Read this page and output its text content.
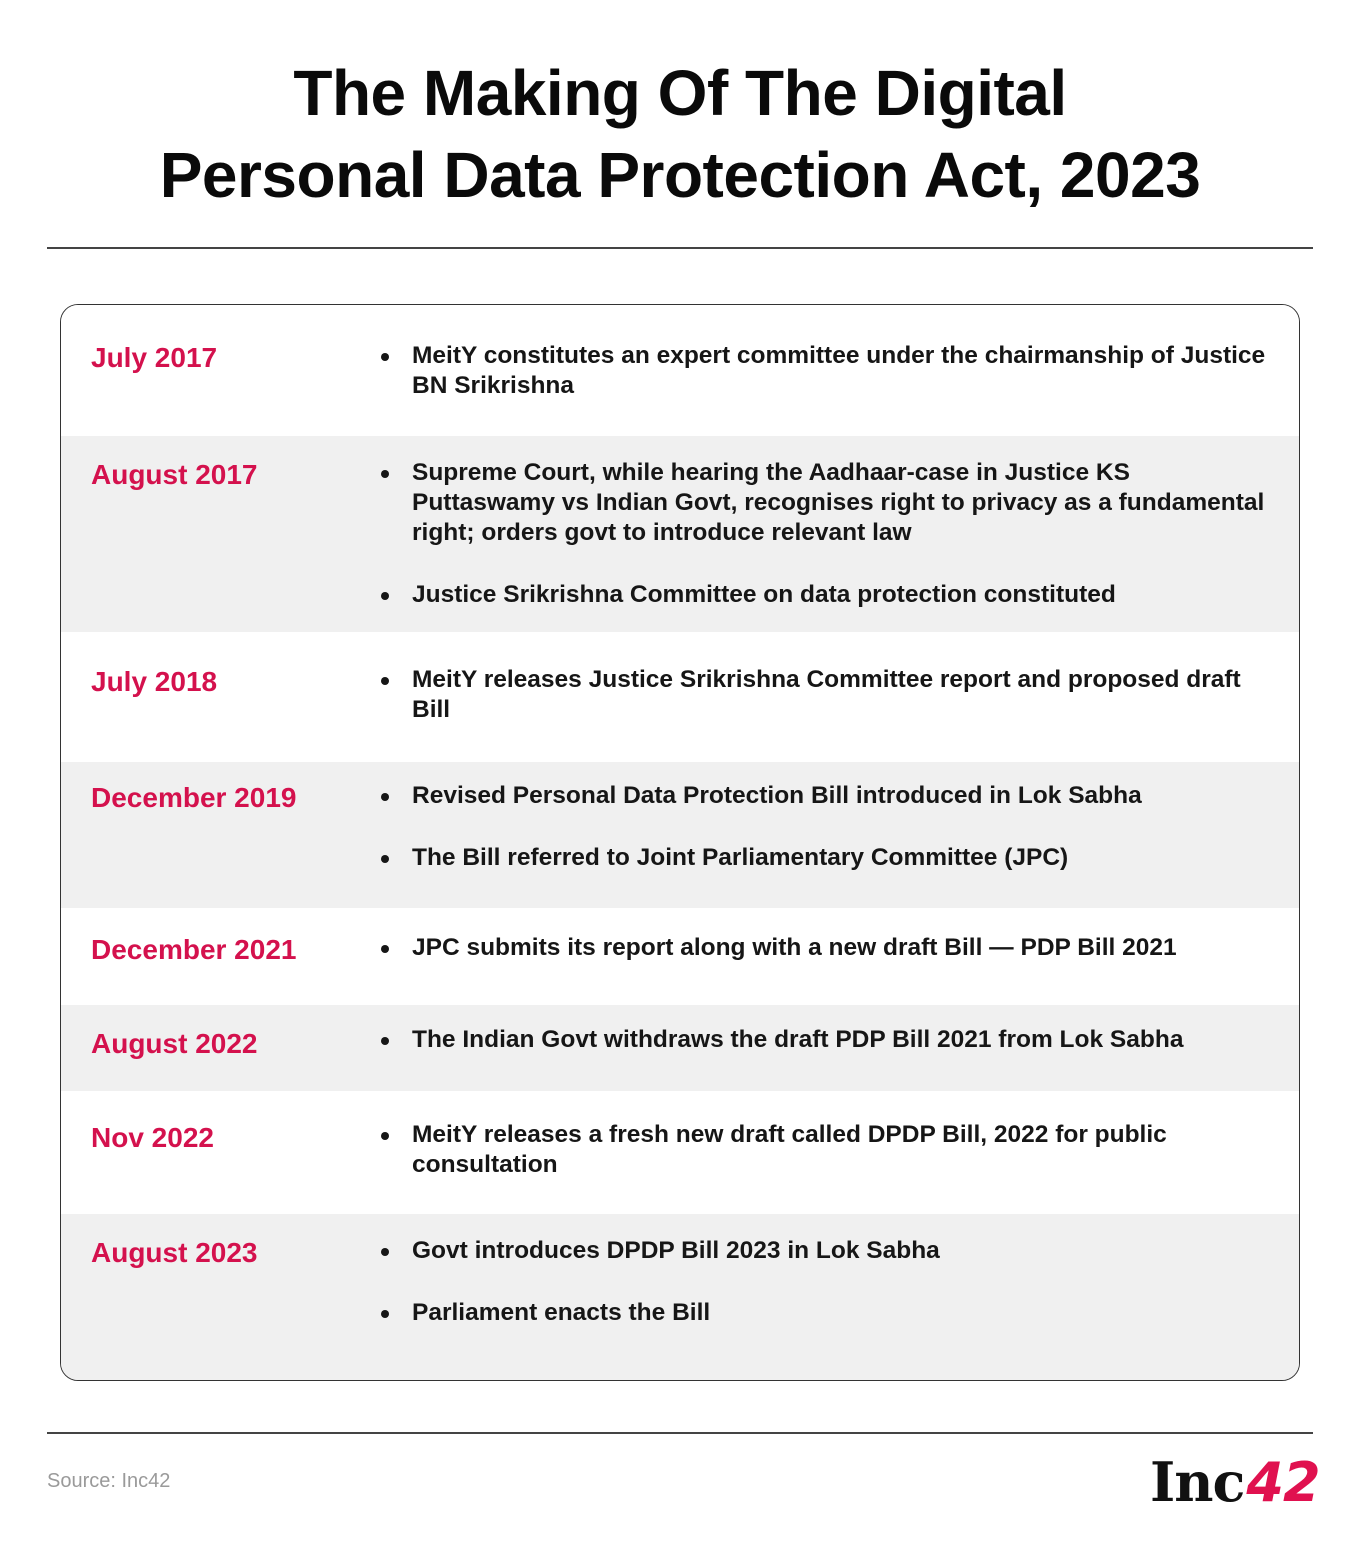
The Making Of The Digital
Personal Data Protection Act, 2023
July 2017	MeitY constitutes an expert committee under the chairmanship of Justice BN Srikrishna
August 2017	Supreme Court, while hearing the Aadhaar-case in Justice KS Puttaswamy vs Indian Govt, recognises right to privacy as a fundamental right; orders govt to introduce relevant law
Justice Srikrishna Committee on data protection constituted
July 2018	MeitY releases Justice Srikrishna Committee report and proposed draft Bill
December 2019	Revised Personal Data Protection Bill introduced in Lok Sabha
The Bill referred to Joint Parliamentary Committee (JPC)
December 2021	JPC submits its report along with a new draft Bill — PDP Bill 2021
August 2022	The Indian Govt withdraws the draft PDP Bill 2021 from Lok Sabha
Nov 2022	MeitY releases a fresh new draft called DPDP Bill, 2022 for public consultation
August 2023	Govt introduces DPDP Bill 2023 in Lok Sabha
Parliament enacts the Bill
Source: Inc42	Inc42
